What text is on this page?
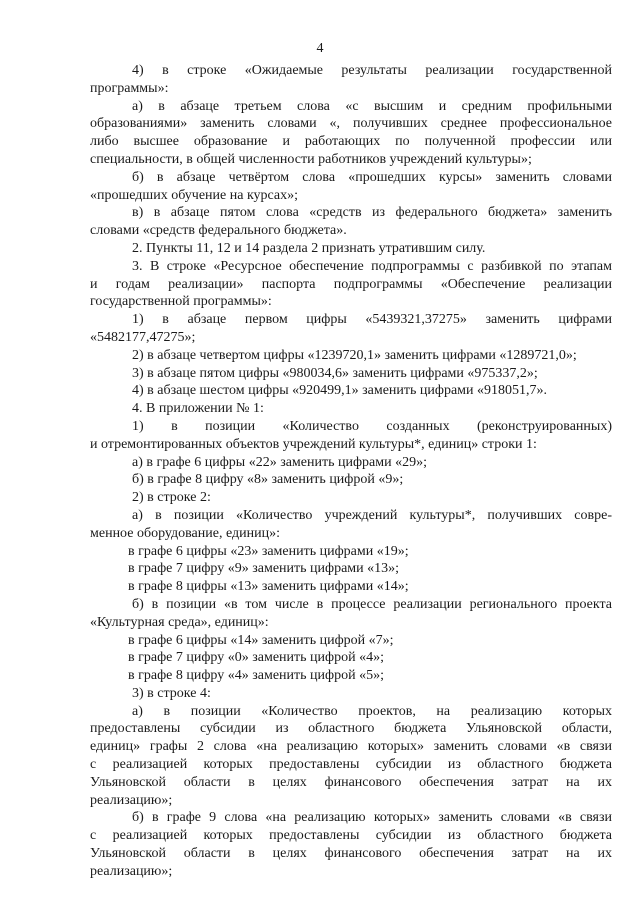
4
4) в строке «Ожидаемые результаты реализации государственной
программы»:
а) в абзаце третьем слова «с высшим и средним профильными
образованиями» заменить словами «, получивших среднее профессиональное
либо высшее образование и работающих по полученной профессии или
специальности, в общей численности работников учреждений культуры»;
б) в абзаце четвёртом слова «прошедших курсы» заменить словами
«прошедших обучение на курсах»;
в) в абзаце пятом слова «средств из федерального бюджета» заменить
словами «средств федерального бюджета».
2. Пункты 11, 12 и 14 раздела 2 признать утратившим силу.
3. В строке «Ресурсное обеспечение подпрограммы с разбивкой по этапам
и годам реализации» паспорта подпрограммы «Обеспечение реализации
государственной программы»:
1) в абзаце первом цифры «5439321,37275» заменить цифрами
«5482177,47275»;
2) в абзаце четвертом цифры «1239720,1» заменить цифрами «1289721,0»;
3) в абзаце пятом цифры «980034,6» заменить цифрами «975337,2»;
4) в абзаце шестом цифры «920499,1» заменить цифрами «918051,7».
4. В приложении № 1:
1) в позиции «Количество созданных (реконструированных)
и отремонтированных объектов учреждений культуры*, единиц» строки 1:
а) в графе 6 цифры «22» заменить цифрами «29»;
б) в графе 8 цифру «8» заменить цифрой «9»;
2) в строке 2:
а) в позиции «Количество учреждений культуры*, получивших совре-
менное оборудование, единиц»:
в графе 6 цифры «23» заменить цифрами «19»;
в графе 7 цифру «9» заменить цифрами «13»;
в графе 8 цифры «13» заменить цифрами «14»;
б) в позиции «в том числе в процессе реализации регионального проекта
«Культурная среда», единиц»:
в графе 6 цифры «14» заменить цифрой «7»;
в графе 7 цифру «0» заменить цифрой «4»;
в графе 8 цифру «4» заменить цифрой «5»;
3) в строке 4:
а) в позиции «Количество проектов, на реализацию которых
предоставлены субсидии из областного бюджета Ульяновской области,
единиц» графы 2 слова «на реализацию которых» заменить словами «в связи
с реализацией которых предоставлены субсидии из областного бюджета
Ульяновской области в целях финансового обеспечения затрат на их
реализацию»;
б) в графе 9 слова «на реализацию которых» заменить словами «в связи
с реализацией которых предоставлены субсидии из областного бюджета
Ульяновской области в целях финансового обеспечения затрат на их
реализацию»;
